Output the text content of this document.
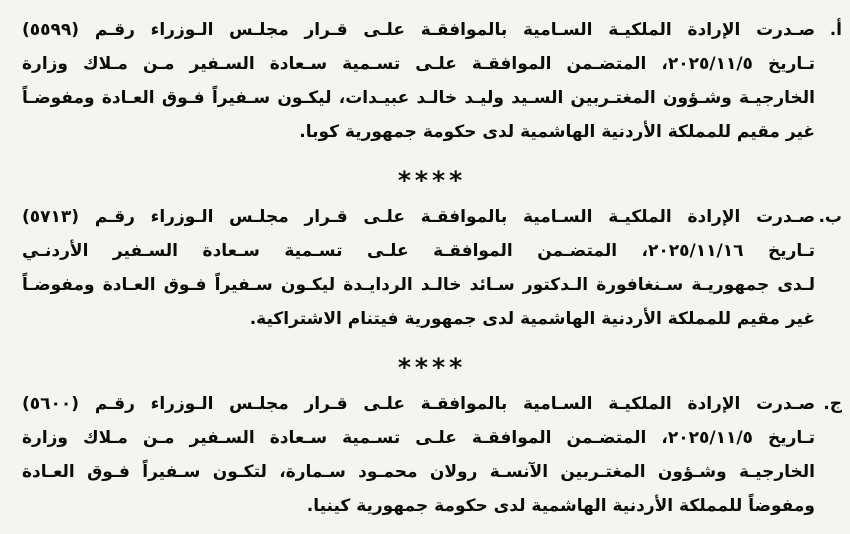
أ.
صـدرت الإرادة الملكيـة السـامية بالموافقـة علـى قـرار مجلـس الـوزراء رقـم (٥٥٩٩)
تـاريخ ٢٠٢٥/١١/٥، المتضـمن الموافقـة علـى تسـمية سـعادة السـفير مـن مـلاك وزارة
الخارجيـة وشـؤون المغتـربين السـيد وليـد خالـد عبيـدات، ليكـون سـفيراً فـوق العـادة ومفوضـاً
غير مقيم للمملكة الأردنية الهاشمية لدى حكومة جمهورية كوبا.
****
ب.
صـدرت الإرادة الملكيـة السـامية بالموافقـة علـى قـرار مجلـس الـوزراء رقـم (٥٧١٣)
تـاريخ ٢٠٢٥/١١/١٦، المتضـمن الموافقـة علـى تسـمية سـعادة السـفير الأردنـي
لـدى جمهوريـة سـنغافورة الـدكتور سـائد خالـد الردايـدة ليكـون سـفيراً فـوق العـادة ومفوضـاً
غير مقيم للمملكة الأردنية الهاشمية لدى جمهورية فيتنام الاشتراكية.
****
ج.
صـدرت الإرادة الملكيـة السـامية بالموافقـة علـى قـرار مجلـس الـوزراء رقـم (٥٦٠٠)
تـاريخ ٢٠٢٥/١١/٥، المتضـمن الموافقـة علـى تسـمية سـعادة السـفير مـن مـلاك وزارة
الخارجيـة وشـؤون المغتـربين الآنسـة رولان محمـود سـمارة، لتكـون سـفيراً فـوق العـادة
ومفوضاً للمملكة الأردنية الهاشمية لدى حكومة جمهورية كينيا.
